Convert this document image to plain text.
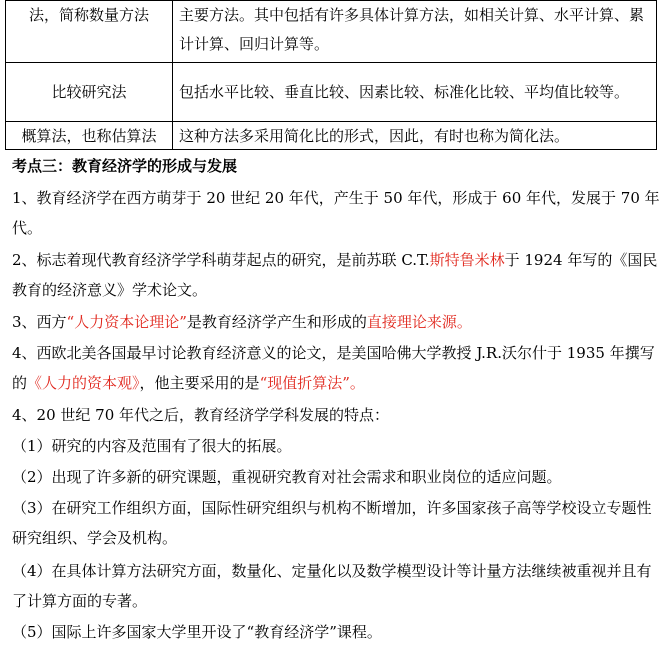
法，简称数量方法	主要方法。其中包括有许多具体计算方法，如相关计算、水平计算、累计计算、回归计算等。
比较研究法	包括水平比较、垂直比较、因素比较、标准化比较、平均值比较等。
概算法，也称估算法	这种方法多采用简化比的形式，因此，有时也称为简化法。
考点三：教育经济学的形成与发展
1、教育经济学在西方萌芽于 20 世纪 20 年代，产生于 50 年代，形成于 60 年代，发展于 70 年代。
2、标志着现代教育经济学学科萌芽起点的研究，是前苏联 C.T.斯特鲁米林于 1924 年写的《国民教育的经济意义》学术论文。
3、西方“人力资本论理论”是教育经济学产生和形成的直接理论来源。
4、西欧北美各国最早讨论教育经济意义的论文，是美国哈佛大学教授 J.R.沃尔什于 1935 年撰写的《人力的资本观》，他主要采用的是“现值折算法”。
4、20 世纪 70 年代之后，教育经济学学科发展的特点：
（1）研究的内容及范围有了很大的拓展。
（2）出现了许多新的研究课题，重视研究教育对社会需求和职业岗位的适应问题。
（3）在研究工作组织方面，国际性研究组织与机构不断增加，许多国家孩子高等学校设立专题性研究组织、学会及机构。
（4）在具体计算方法研究方面，数量化、定量化以及数学模型设计等计量方法继续被重视并且有了计算方面的专著。
（5）国际上许多国家大学里开设了“教育经济学”课程。
